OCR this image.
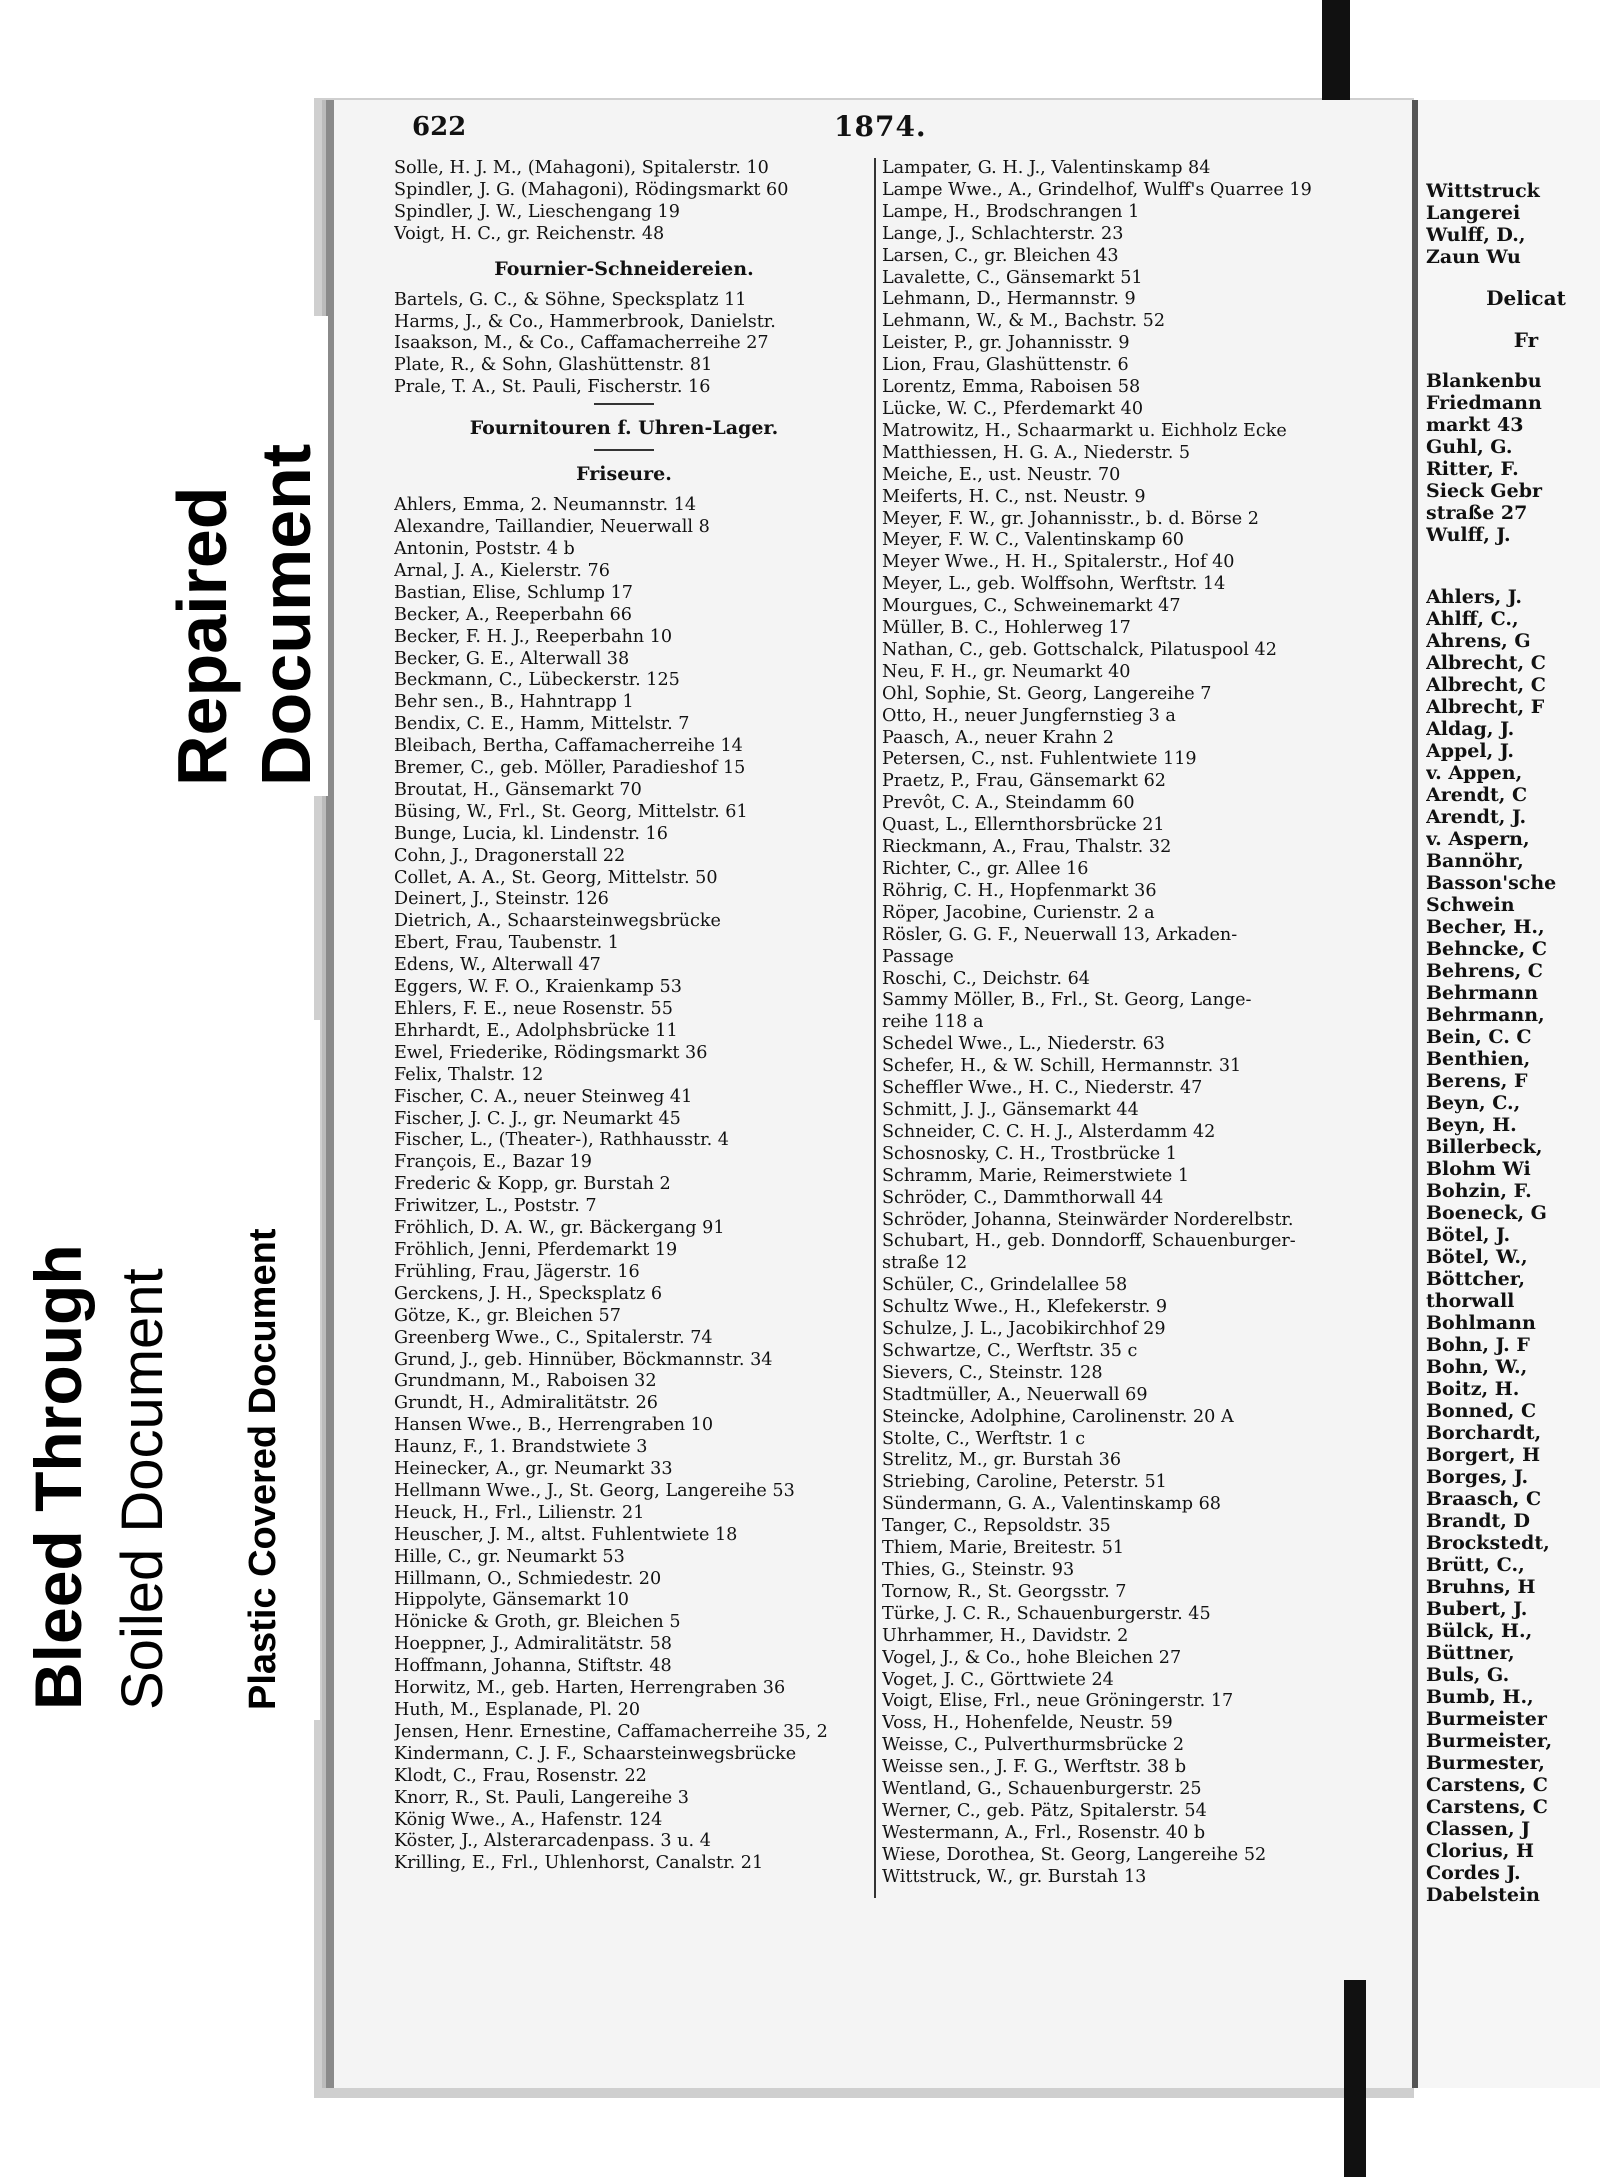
622	1874.
Solle, H. J. M., (Mahagoni), Spitalerstr. 10
Spindler, J. G. (Mahagoni), Rödingsmarkt 60
Spindler, J. W., Lieschengang 19
Voigt, H. C., gr. Reichenstr. 48
Fournier-Schneidereien.
Bartels, G. C., & Söhne, Specksplatz 11
Harms, J., & Co., Hammerbrook, Danielstr.
Isaakson, M., & Co., Caffamacherreihe 27
Plate, R., & Sohn, Glashüttenstr. 81
Prale, T. A., St. Pauli, Fischerstr. 16
Fournitouren f. Uhren-Lager.
Friseure.
Ahlers, Emma, 2. Neumannstr. 14
Alexandre, Taillandier, Neuerwall 8
Antonin, Poststr. 4 b
Arnal, J. A., Kielerstr. 76
Bastian, Elise, Schlump 17
Becker, A., Reeperbahn 66
Becker, F. H. J., Reeperbahn 10
Becker, G. E., Alterwall 38
Beckmann, C., Lübeckerstr. 125
Behr sen., B., Hahntrapp 1
Bendix, C. E., Hamm, Mittelstr. 7
Bleibach, Bertha, Caffamacherreihe 14
Bremer, C., geb. Möller, Paradieshof 15
Broutat, H., Gänsemarkt 70
Büsing, W., Frl., St. Georg, Mittelstr. 61
Bunge, Lucia, kl. Lindenstr. 16
Cohn, J., Dragonerstall 22
Collet, A. A., St. Georg, Mittelstr. 50
Deinert, J., Steinstr. 126
Dietrich, A., Schaarsteinwegsbrücke
Ebert, Frau, Taubenstr. 1
Edens, W., Alterwall 47
Eggers, W. F. O., Kraienkamp 53
Ehlers, F. E., neue Rosenstr. 55
Ehrhardt, E., Adolphsbrücke 11
Ewel, Friederike, Rödingsmarkt 36
Felix, Thalstr. 12
Fischer, C. A., neuer Steinweg 41
Fischer, J. C. J., gr. Neumarkt 45
Fischer, L., (Theater-), Rathhausstr. 4
François, E., Bazar 19
Frederic & Kopp, gr. Burstah 2
Friwitzer, L., Poststr. 7
Fröhlich, D. A. W., gr. Bäckergang 91
Fröhlich, Jenni, Pferdemarkt 19
Frühling, Frau, Jägerstr. 16
Gerckens, J. H., Specksplatz 6
Götze, K., gr. Bleichen 57
Greenberg Wwe., C., Spitalerstr. 74
Grund, J., geb. Hinnüber, Böckmannstr. 34
Grundmann, M., Raboisen 32
Grundt, H., Admiralitätstr. 26
Hansen Wwe., B., Herrengraben 10
Haunz, F., 1. Brandstwiete 3
Heinecker, A., gr. Neumarkt 33
Hellmann Wwe., J., St. Georg, Langereihe 53
Heuck, H., Frl., Lilienstr. 21
Heuscher, J. M., altst. Fuhlentwiete 18
Hille, C., gr. Neumarkt 53
Hillmann, O., Schmiedestr. 20
Hippolyte, Gänsemarkt 10
Hönicke & Groth, gr. Bleichen 5
Hoeppner, J., Admiralitätstr. 58
Hoffmann, Johanna, Stiftstr. 48
Horwitz, M., geb. Harten, Herrengraben 36
Huth, M., Esplanade, Pl. 20
Jensen, Henr. Ernestine, Caffamacherreihe 35, 2
Kindermann, C. J. F., Schaarsteinwegsbrücke
Klodt, C., Frau, Rosenstr. 22
Knorr, R., St. Pauli, Langereihe 3
König Wwe., A., Hafenstr. 124
Köster, J., Alsterarcadenpass. 3 u. 4
Krilling, E., Frl., Uhlenhorst, Canalstr. 21
Lampater, G. H. J., Valentinskamp 84
Lampe Wwe., A., Grindelhof, Wulff's Quarree 19
Lampe, H., Brodschrangen 1
Lange, J., Schlachterstr. 23
Larsen, C., gr. Bleichen 43
Lavalette, C., Gänsemarkt 51
Lehmann, D., Hermannstr. 9
Lehmann, W., & M., Bachstr. 52
Leister, P., gr. Johannisstr. 9
Lion, Frau, Glashüttenstr. 6
Lorentz, Emma, Raboisen 58
Lücke, W. C., Pferdemarkt 40
Matrowitz, H., Schaarmarkt u. Eichholz Ecke
Matthiessen, H. G. A., Niederstr. 5
Meiche, E., ust. Neustr. 70
Meiferts, H. C., nst. Neustr. 9
Meyer, F. W., gr. Johannisstr., b. d. Börse 2
Meyer, F. W. C., Valentinskamp 60
Meyer Wwe., H. H., Spitalerstr., Hof 40
Meyer, L., geb. Wolffsohn, Werftstr. 14
Mourgues, C., Schweinemarkt 47
Müller, B. C., Hohlerweg 17
Nathan, C., geb. Gottschalck, Pilatuspool 42
Neu, F. H., gr. Neumarkt 40
Ohl, Sophie, St. Georg, Langereihe 7
Otto, H., neuer Jungfernstieg 3 a
Paasch, A., neuer Krahn 2
Petersen, C., nst. Fuhlentwiete 119
Praetz, P., Frau, Gänsemarkt 62
Prevôt, C. A., Steindamm 60
Quast, L., Ellernthorsbrücke 21
Rieckmann, A., Frau, Thalstr. 32
Richter, C., gr. Allee 16
Röhrig, C. H., Hopfenmarkt 36
Röper, Jacobine, Curienstr. 2 a
Rösler, G. G. F., Neuerwall 13, Arkaden-
Passage
Roschi, C., Deichstr. 64
Sammy Möller, B., Frl., St. Georg, Lange-
reihe 118 a
Schedel Wwe., L., Niederstr. 63
Schefer, H., & W. Schill, Hermannstr. 31
Scheffler Wwe., H. C., Niederstr. 47
Schmitt, J. J., Gänsemarkt 44
Schneider, C. C. H. J., Alsterdamm 42
Schosnosky, C. H., Trostbrücke 1
Schramm, Marie, Reimerstwiete 1
Schröder, C., Dammthorwall 44
Schröder, Johanna, Steinwärder Norderelbstr.
Schubart, H., geb. Donndorff, Schauenburger-
straße 12
Schüler, C., Grindelallee 58
Schultz Wwe., H., Klefekerstr. 9
Schulze, J. L., Jacobikirchhof 29
Schwartze, C., Werftstr. 35 c
Sievers, C., Steinstr. 128
Stadtmüller, A., Neuerwall 69
Steincke, Adolphine, Carolinenstr. 20 A
Stolte, C., Werftstr. 1 c
Strelitz, M., gr. Burstah 36
Striebing, Caroline, Peterstr. 51
Sündermann, G. A., Valentinskamp 68
Tanger, C., Repsoldstr. 35
Thiem, Marie, Breitestr. 51
Thies, G., Steinstr. 93
Tornow, R., St. Georgsstr. 7
Türke, J. C. R., Schauenburgerstr. 45
Uhrhammer, H., Davidstr. 2
Vogel, J., & Co., hohe Bleichen 27
Voget, J. C., Görttwiete 24
Voigt, Elise, Frl., neue Gröningerstr. 17
Voss, H., Hohenfelde, Neustr. 59
Weisse, C., Pulverthurmsbrücke 2
Weisse sen., J. F. G., Werftstr. 38 b
Wentland, G., Schauenburgerstr. 25
Werner, C., geb. Pätz, Spitalerstr. 54
Westermann, A., Frl., Rosenstr. 40 b
Wiese, Dorothea, St. Georg, Langereihe 52
Wittstruck, W., gr. Burstah 13
Wittstruck
Langerei
Wulff, D.,
Zaun Wu
Delicat
Fr
Blankenbu
Friedmann
markt 43
Guhl, G.
Ritter, F.
Sieck Gebr
straße 27
Wulff, J.
Ahlers, J.
Ahlff, C.,
Ahrens, G
Albrecht, C
Albrecht, C
Albrecht, F
Aldag, J.
Appel, J.
v. Appen,
Arendt, C
Arendt, J.
v. Aspern,
Bannöhr,
Basson'sche
Schwein
Becher, H.,
Behncke, C
Behrens, C
Behrmann
Behrmann,
Bein, C. C
Benthien,
Berens, F
Beyn, C.,
Beyn, H.
Billerbeck,
Blohm Wi
Bohzin, F.
Boeneck, G
Bötel, J.
Bötel, W.,
Böttcher,
thorwall
Bohlmann
Bohn, J. F
Bohn, W.,
Boitz, H.
Bonned, C
Borchardt,
Borgert, H
Borges, J.
Braasch, C
Brandt, D
Brockstedt,
Brütt, C.,
Bruhns, H
Bubert, J.
Bülck, H.,
Büttner,
Buls, G.
Bumb, H.,
Burmeister
Burmeister,
Burmester,
Carstens, C
Carstens, C
Classen, J
Clorius, H
Cordes J.
Dabelstein
Repaired Document
Bleed Through Soiled Document Plastic Covered Document
